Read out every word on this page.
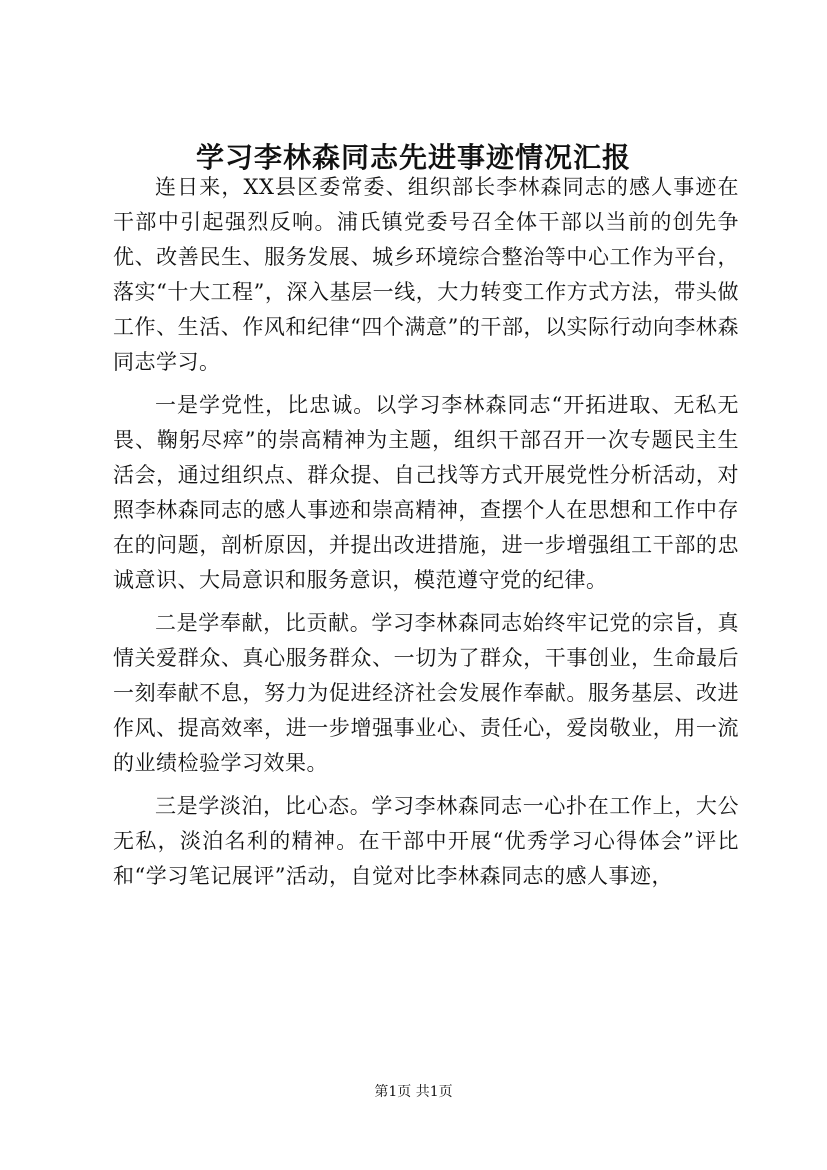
学习李林森同志先进事迹情况汇报

连日来，XX县区委常委、组织部长李林森同志的感人事迹在干部中引起强烈反响。浦氏镇党委号召全体干部以当前的创先争优、改善民生、服务发展、城乡环境综合整治等中心工作为平台，落实“十大工程”，深入基层一线，大力转变工作方式方法，带头做工作、生活、作风和纪律“四个满意”的干部，以实际行动向李林森同志学习。

一是学党性，比忠诚。以学习李林森同志“开拓进取、无私无畏、鞠躬尽瘁”的崇高精神为主题，组织干部召开一次专题民主生活会，通过组织点、群众提、自己找等方式开展党性分析活动，对照李林森同志的感人事迹和崇高精神，查摆个人在思想和工作中存在的问题，剖析原因，并提出改进措施，进一步增强组工干部的忠诚意识、大局意识和服务意识，模范遵守党的纪律。

二是学奉献，比贡献。学习李林森同志始终牢记党的宗旨，真情关爱群众、真心服务群众、一切为了群众，干事创业，生命最后一刻奉献不息，努力为促进经济社会发展作奉献。服务基层、改进作风、提高效率，进一步增强事业心、责任心，爱岗敬业，用一流的业绩检验学习效果。

三是学淡泊，比心态。学习李林森同志一心扑在工作上，大公无私，淡泊名利的精神。在干部中开展“优秀学习心得体会”评比和“学习笔记展评”活动，自觉对比李林森同志的感人事迹，

第1页 共1页
